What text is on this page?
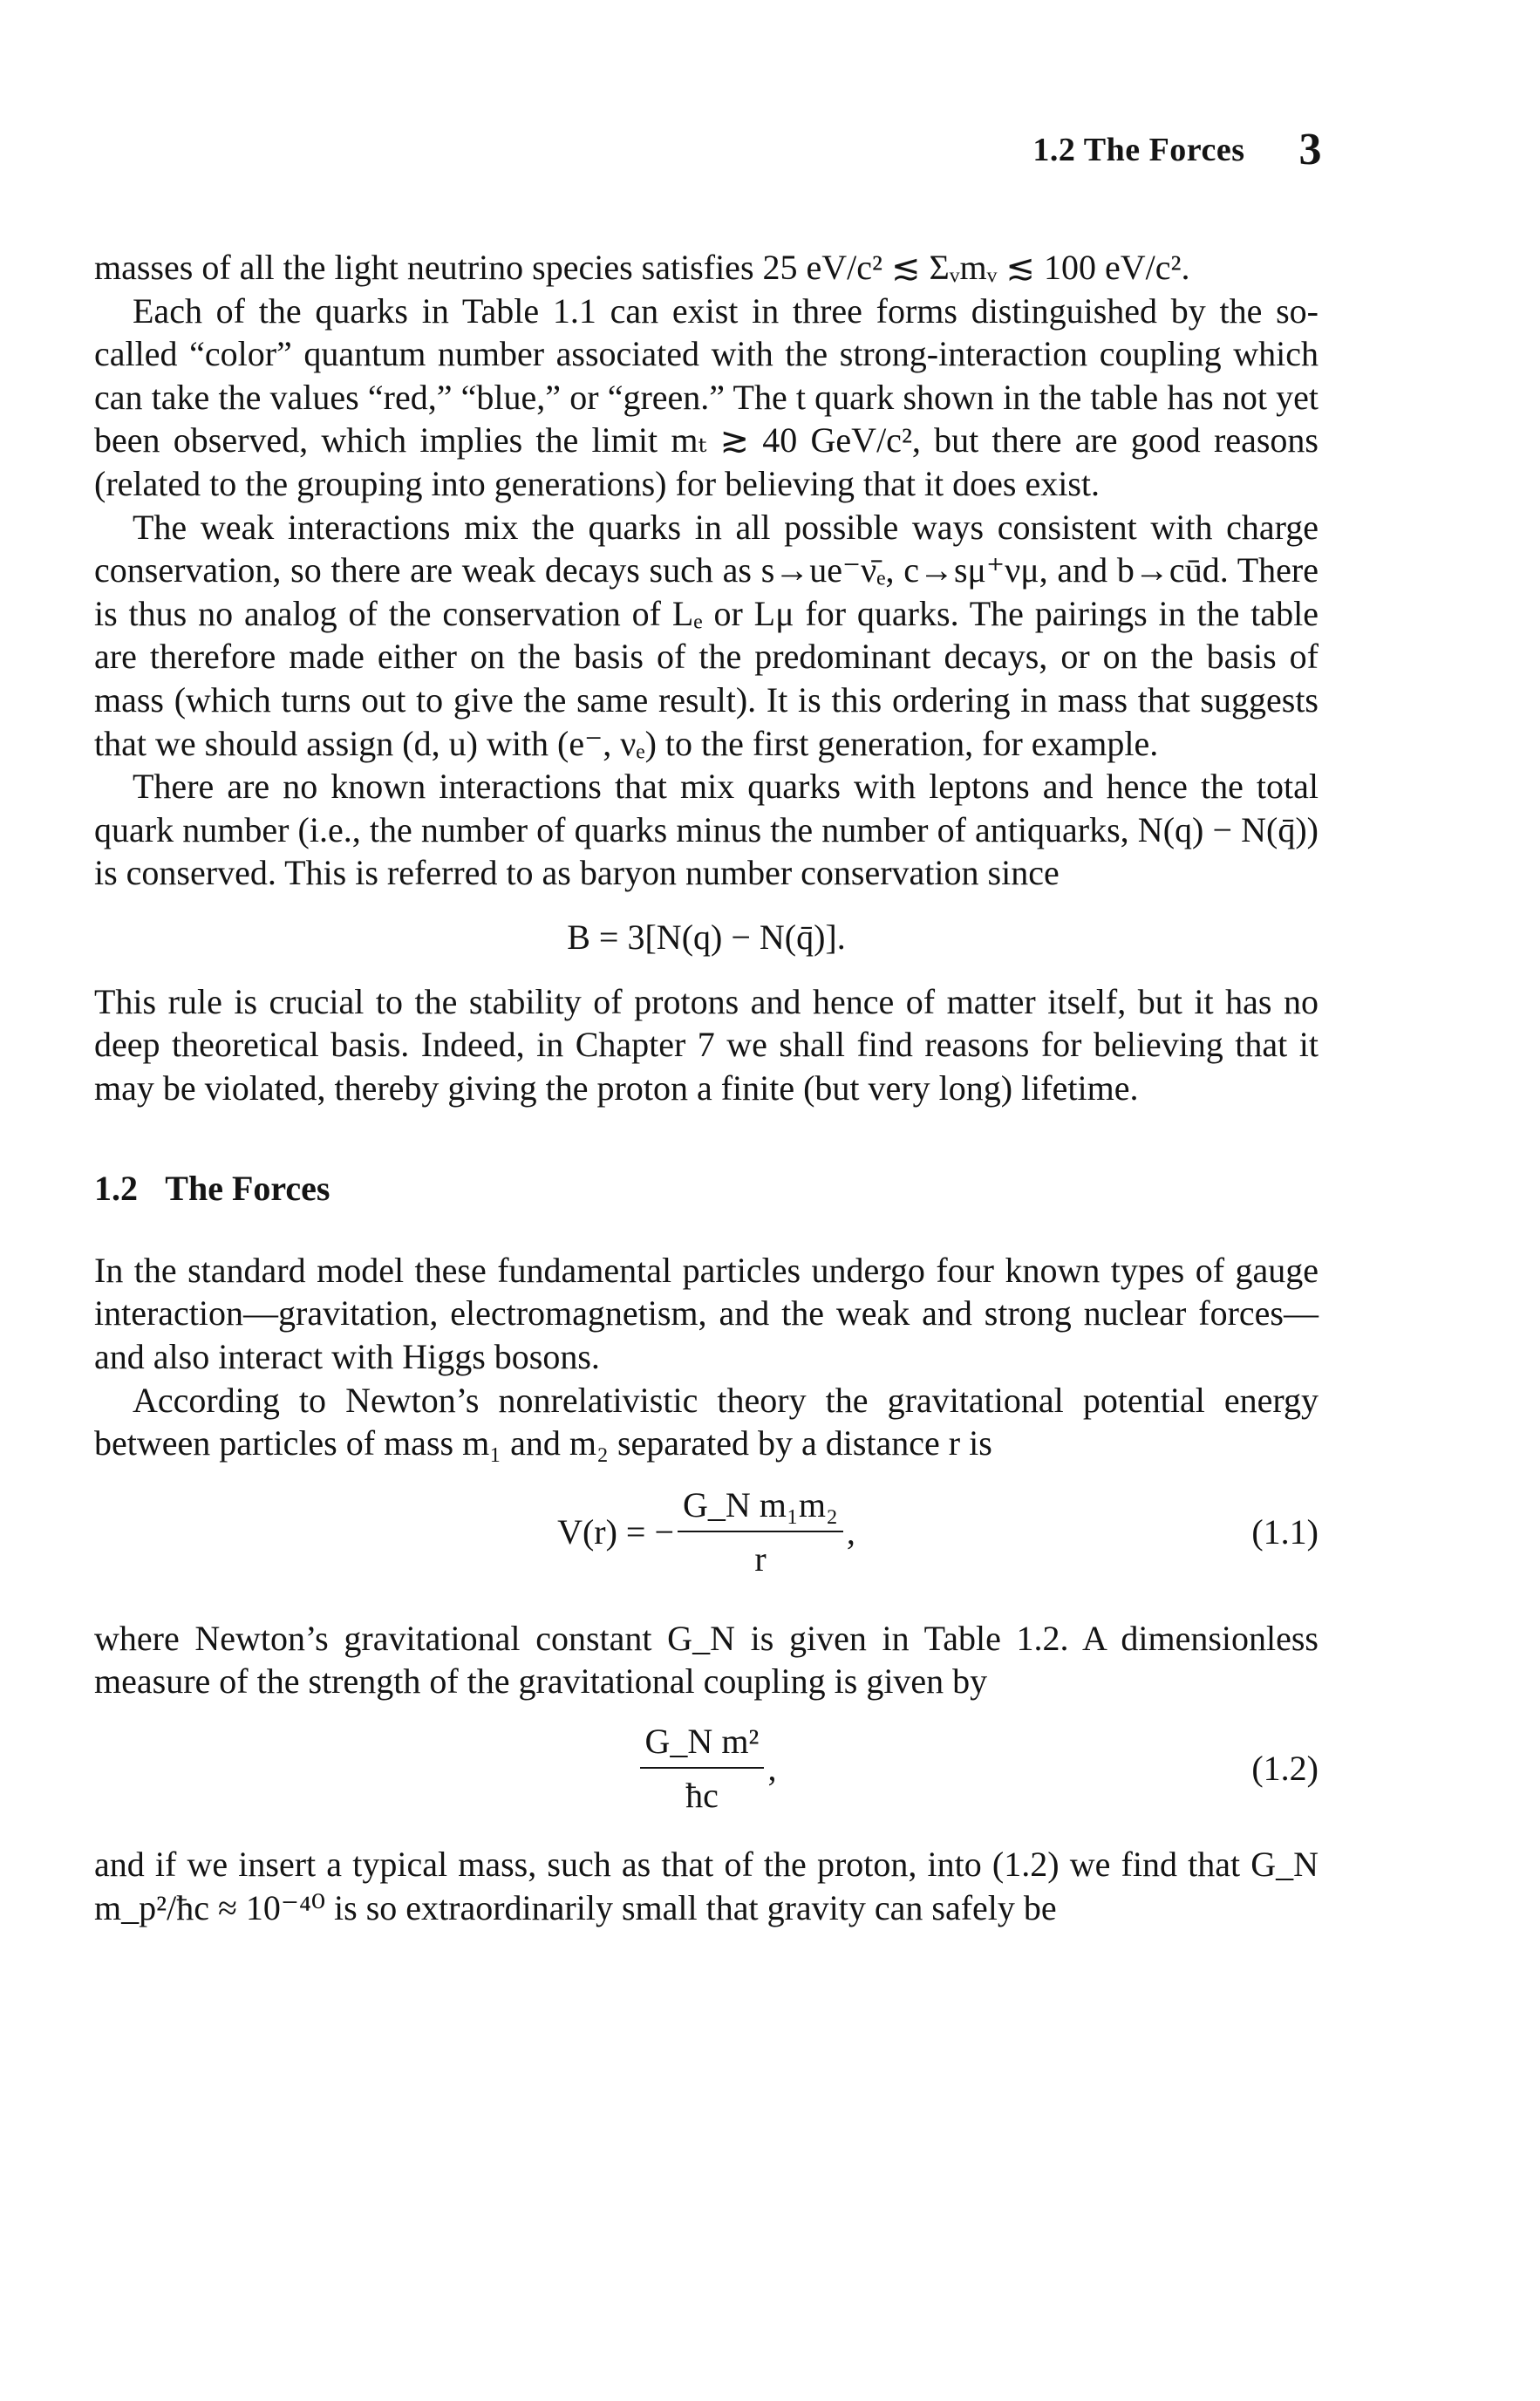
1.2 The Forces 3

masses of all the light neutrino species satisfies 25 eV/c² ≲ Σᵥmᵥ ≲ 100 eV/c².

Each of the quarks in Table 1.1 can exist in three forms distinguished by the so-called “color” quantum number associated with the strong-interaction coupling which can take the values “red,” “blue,” or “green.” The t quark shown in the table has not yet been observed, which implies the limit mₜ ≳ 40 GeV/c², but there are good reasons (related to the grouping into generations) for believing that it does exist.

The weak interactions mix the quarks in all possible ways consistent with charge conservation, so there are weak decays such as s→ue⁻ν̄ₑ, c→sμ⁺νμ, and b→cūd. There is thus no analog of the conservation of Lₑ or Lμ for quarks. The pairings in the table are therefore made either on the basis of the predominant decays, or on the basis of mass (which turns out to give the same result). It is this ordering in mass that suggests that we should assign (d, u) with (e⁻, νₑ) to the first generation, for example.

There are no known interactions that mix quarks with leptons and hence the total quark number (i.e., the number of quarks minus the number of antiquarks, N(q) − N(q̄)) is conserved. This is referred to as baryon number conservation since

B = 3[N(q) − N(q̄)].

This rule is crucial to the stability of protons and hence of matter itself, but it has no deep theoretical basis. Indeed, in Chapter 7 we shall find reasons for believing that it may be violated, thereby giving the proton a finite (but very long) lifetime.

1.2 The Forces

In the standard model these fundamental particles undergo four known types of gauge interaction—gravitation, electromagnetism, and the weak and strong nuclear forces—and also interact with Higgs bosons.

According to Newton’s nonrelativistic theory the gravitational potential energy between particles of mass m₁ and m₂ separated by a distance r is

V(r) = − $\frac{\text{G\_N m₁m₂}}{r}$ ,	(1.1)

where Newton’s gravitational constant G_N is given in Table 1.2. A dimensionless measure of the strength of the gravitational coupling is given by

$\frac{\text{G\_N m²}}{ħc}$ ,	(1.2)

and if we insert a typical mass, such as that of the proton, into (1.2) we find that G_N m_p²/ħc ≈ 10⁻⁴⁰ is so extraordinarily small that gravity can safely be
